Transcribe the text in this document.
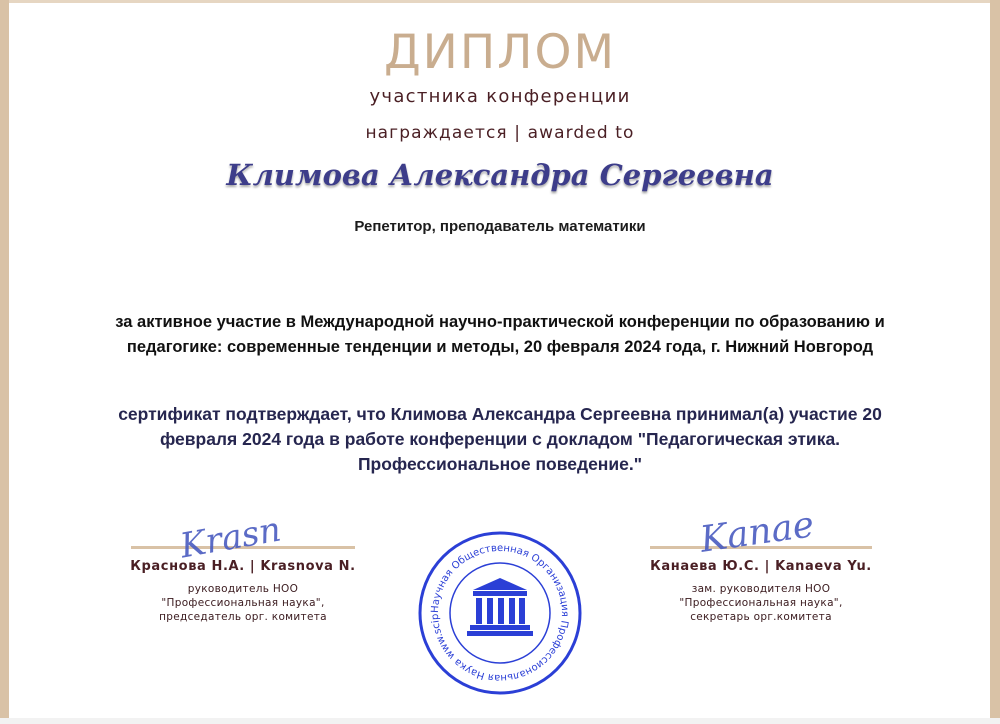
ДИПЛОМ
участника конференции
награждается | awarded to
Климова Александра Сергеевна
Репетитор, преподаватель математики
за активное участие в Международной научно-практической конференции по образованию и
педагогике: современные тенденции и методы, 20 февраля 2024 года, г. Нижний Новгород
сертификат подтверждает, что Климова Александра Сергеевна принимал(а) участие 20
февраля 2024 года в работе конференции с докладом "Педагогическая этика.
Профессиональное поведение."
Krasn
Краснова Н.А. | Krasnova N.
руководитель НОО
"Профессиональная наука",
председатель орг. комитета
Kanae
Канаева Ю.С. | Kanaeva Yu.
зам. руководителя НОО
"Профессиональная наука",
секретарь орг.комитета
Научная Общественная Организация Профессиональная Наука www.scip
